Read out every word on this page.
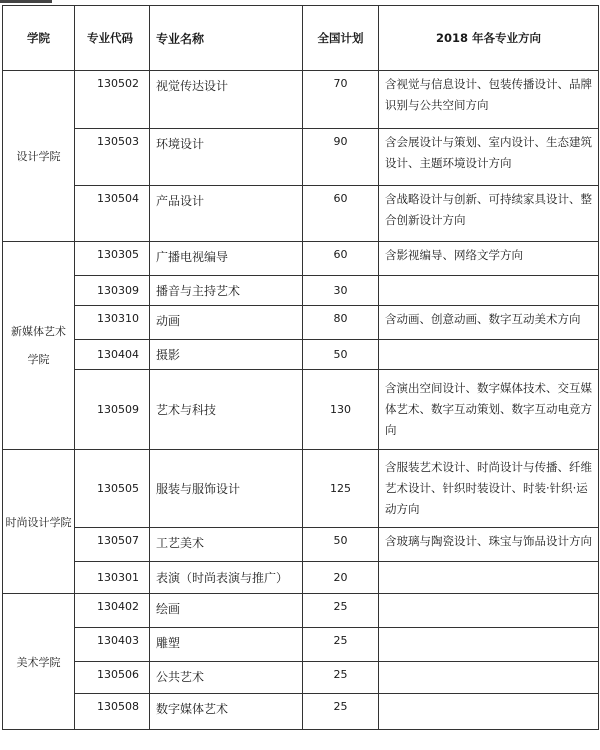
学院	专业代码	专业名称	全国计划	2018 年各专业方向
设计学院	130502	视觉传达设计	70	含视觉与信息设计、包装传播设计、品牌识别与公共空间方向
	130503	环境设计	90	含会展设计与策划、室内设计、生态建筑设计、主题环境设计方向
	130504	产品设计	60	含战略设计与创新、可持续家具设计、整合创新设计方向
新媒体艺术学院	130305	广播电视编导	60	含影视编导、网络文学方向
	130309	播音与主持艺术	30	
	130310	动画	80	含动画、创意动画、数字互动美术方向
	130404	摄影	50	
	130509	艺术与科技	130	含演出空间设计、数字媒体技术、交互媒体艺术、数字互动策划、数字互动电竞方向
时尚设计学院	130505	服装与服饰设计	125	含服装艺术设计、时尚设计与传播、纤维艺术设计、针织时装设计、时装·针织·运动方向
	130507	工艺美术	50	含玻璃与陶瓷设计、珠宝与饰品设计方向
	130301	表演（时尚表演与推广）	20	
美术学院	130402	绘画	25	
	130403	雕塑	25	
	130506	公共艺术	25	
	130508	数字媒体艺术	25	
